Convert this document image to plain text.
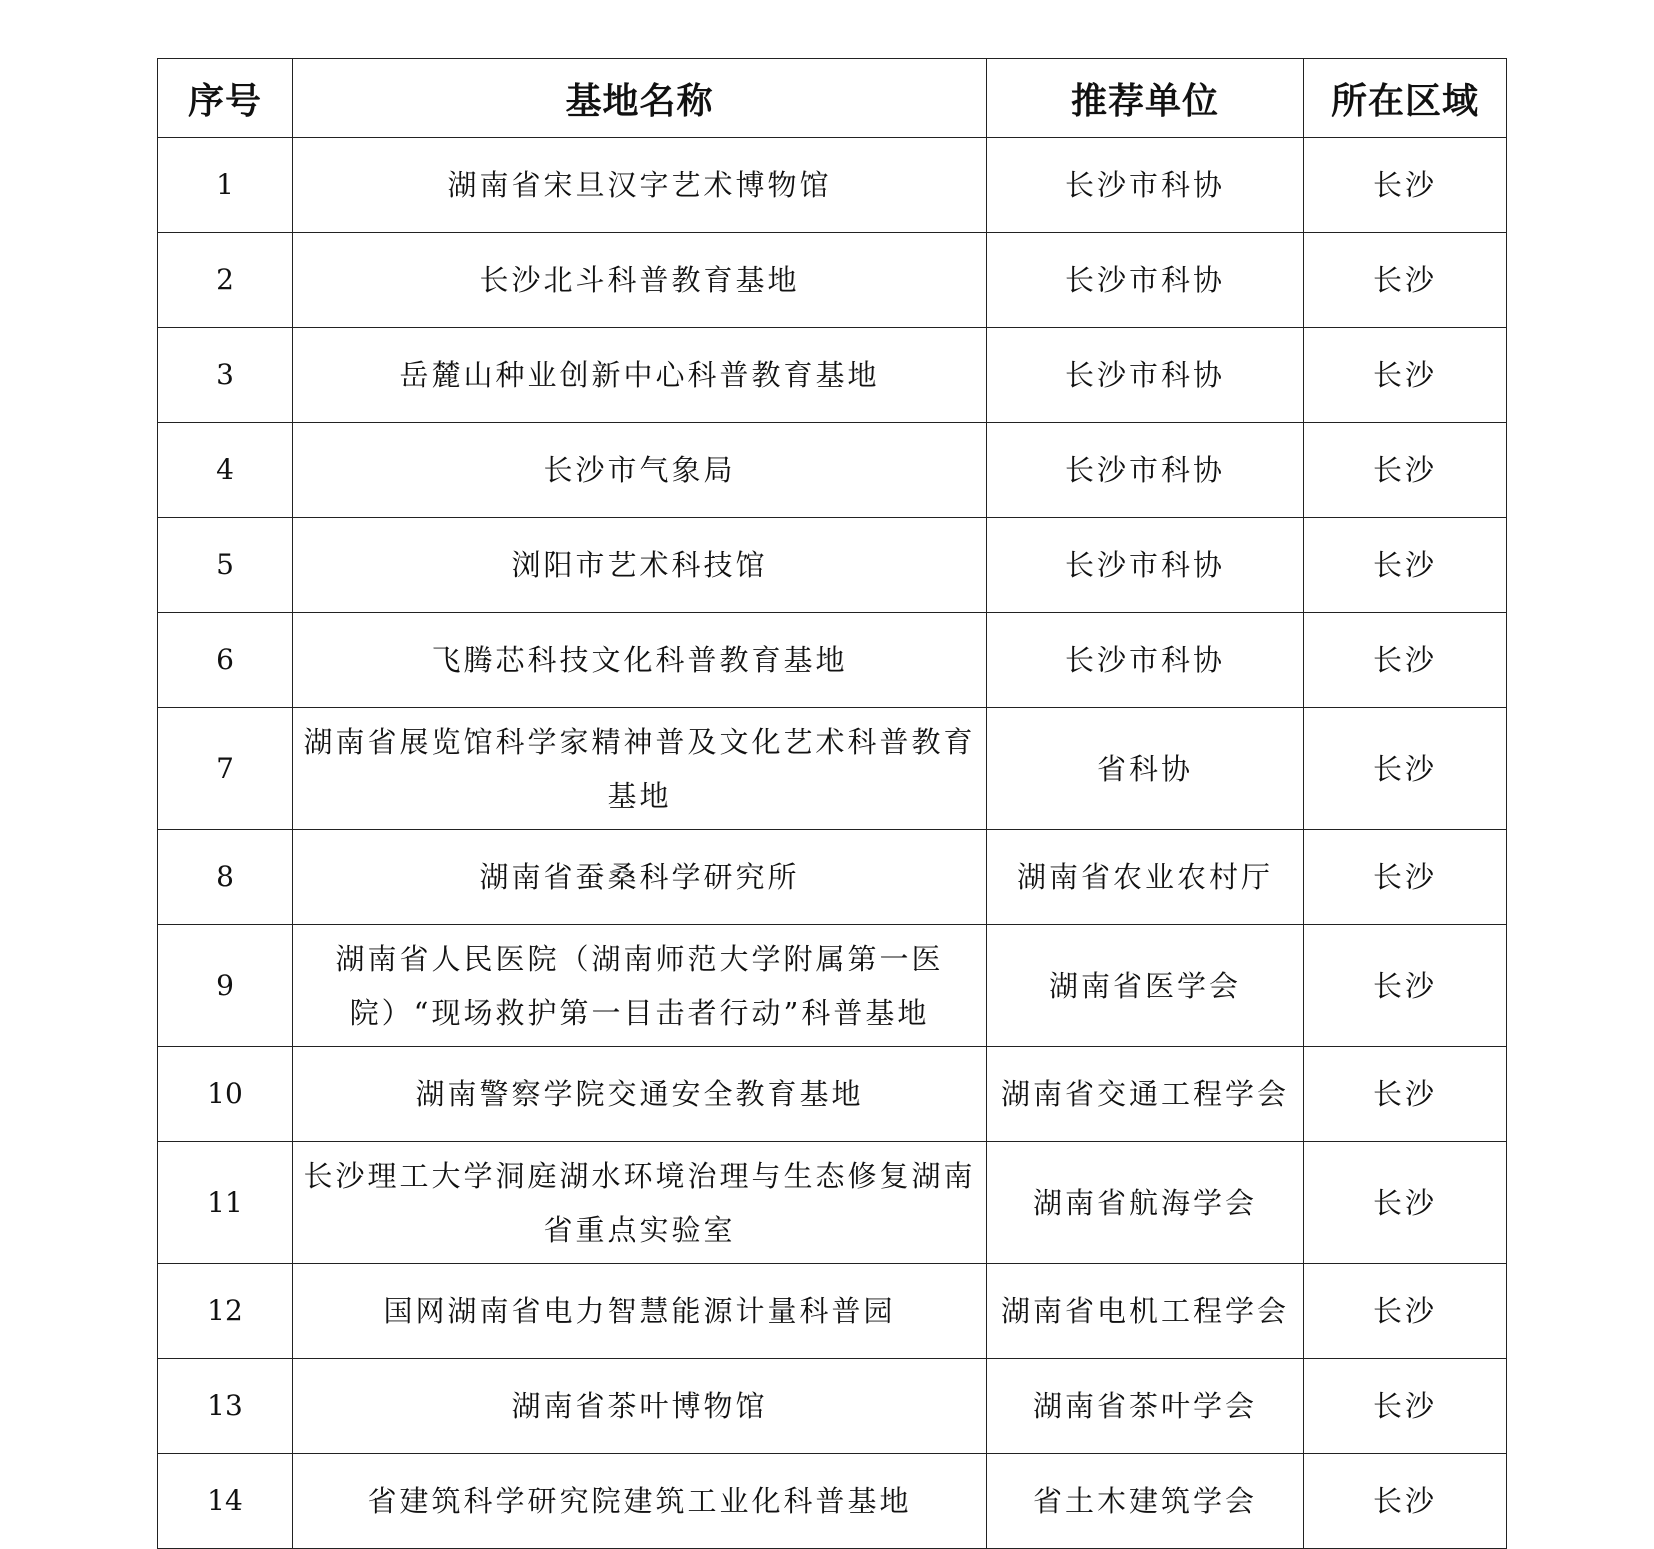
序号	基地名称	推荐单位	所在区域
1	湖南省宋旦汉字艺术博物馆	长沙市科协	长沙
2	长沙北斗科普教育基地	长沙市科协	长沙
3	岳麓山种业创新中心科普教育基地	长沙市科协	长沙
4	长沙市气象局	长沙市科协	长沙
5	浏阳市艺术科技馆	长沙市科协	长沙
6	飞腾芯科技文化科普教育基地	长沙市科协	长沙
7	湖南省展览馆科学家精神普及文化艺术科普教育基地	省科协	长沙
8	湖南省蚕桑科学研究所	湖南省农业农村厅	长沙
9	湖南省人民医院（湖南师范大学附属第一医院）“现场救护第一目击者行动”科普基地	湖南省医学会	长沙
10	湖南警察学院交通安全教育基地	湖南省交通工程学会	长沙
11	长沙理工大学洞庭湖水环境治理与生态修复湖南省重点实验室	湖南省航海学会	长沙
12	国网湖南省电力智慧能源计量科普园	湖南省电机工程学会	长沙
13	湖南省茶叶博物馆	湖南省茶叶学会	长沙
14	省建筑科学研究院建筑工业化科普基地	省土木建筑学会	长沙
